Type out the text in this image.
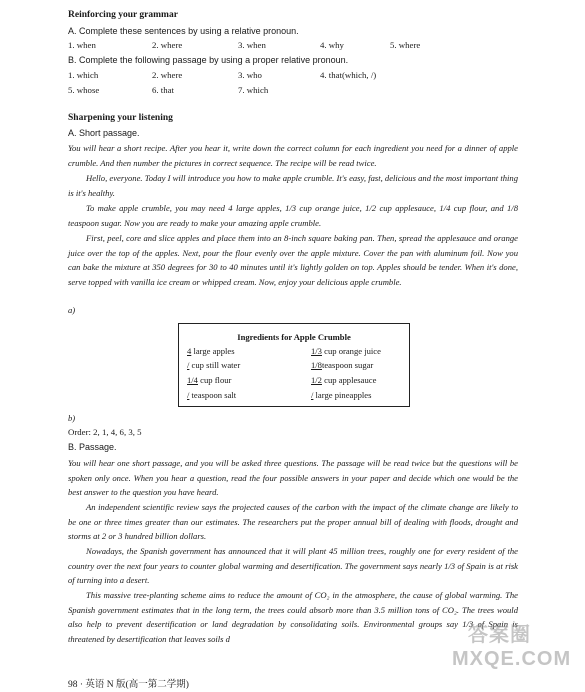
Reinforcing your grammar
A. Complete these sentences by using a relative pronoun.
1. when	2. where	3. when	4. why	5. where
B. Complete the following passage by using a proper relative pronoun.
1. which	2. where	3. who	4. that(which, /)
5. whose	6. that	7. which
Sharpening your listening
A. Short passage.
You will hear a short recipe. After you hear it, write down the correct column for each ingredient you need for a dinner of apple crumble. And then number the pictures in correct sequence. The recipe will be read twice.
Hello, everyone. Today I will introduce you how to make apple crumble. It's easy, fast, delicious and the most important thing is it's healthy.
To make apple crumble, you may need 4 large apples, 1/3 cup orange juice, 1/2 cup applesauce, 1/4 cup flour, and 1/8 teaspoon sugar. Now you are ready to make your amazing apple crumble.
First, peel, core and slice apples and place them into an 8-inch square baking pan. Then, spread the applesauce and orange juice over the top of the apples. Next, pour the flour evenly over the apple mixture. Cover the pan with aluminum foil. Now you can bake the mixture at 350 degrees for 30 to 40 minutes until it's lightly golden on top. Apples should be tender. When it's done, serve topped with vanilla ice cream or whipped cream. Now, enjoy your delicious apple crumble.
a)
Ingredients for Apple Crumble
4 large apples	1/3 cup orange juice
/ cup still water	1/8teaspoon sugar
1/4 cup flour	1/2 cup applesauce
/ teaspoon salt	/ large pineapples
b)
Order: 2, 1, 4, 6, 3, 5
B. Passage.
You will hear one short passage, and you will be asked three questions. The passage will be read twice but the questions will be spoken only once. When you hear a question, read the four possible answers in your paper and decide which one would be the best answer to the question you have heard.
An independent scientific review says the projected causes of the carbon with the impact of the climate change are likely to be one or three times greater than our estimates. The researchers put the proper annual bill of dealing with floods, drought and storms at 2 or 3 hundred billion dollars.
Nowadays, the Spanish government has announced that it will plant 45 million trees, roughly one for every resident of the country over the next four years to counter global warming and desertification. The government says nearly 1/3 of Spain is at risk of turning into a desert.
This massive tree-planting scheme aims to reduce the amount of CO₂ in the atmosphere, the cause of global warming. The Spanish government estimates that in the long term, the trees could absorb more than 3.5 million tons of CO₂. The trees would also help to prevent desertification or land degradation by consolidating soils. Environmental groups say 1/3 of Spain is threatened by desertification that leaves soils d
98 · 英语 N 版(高一第二学期)
答案圈
MXQE.COM
